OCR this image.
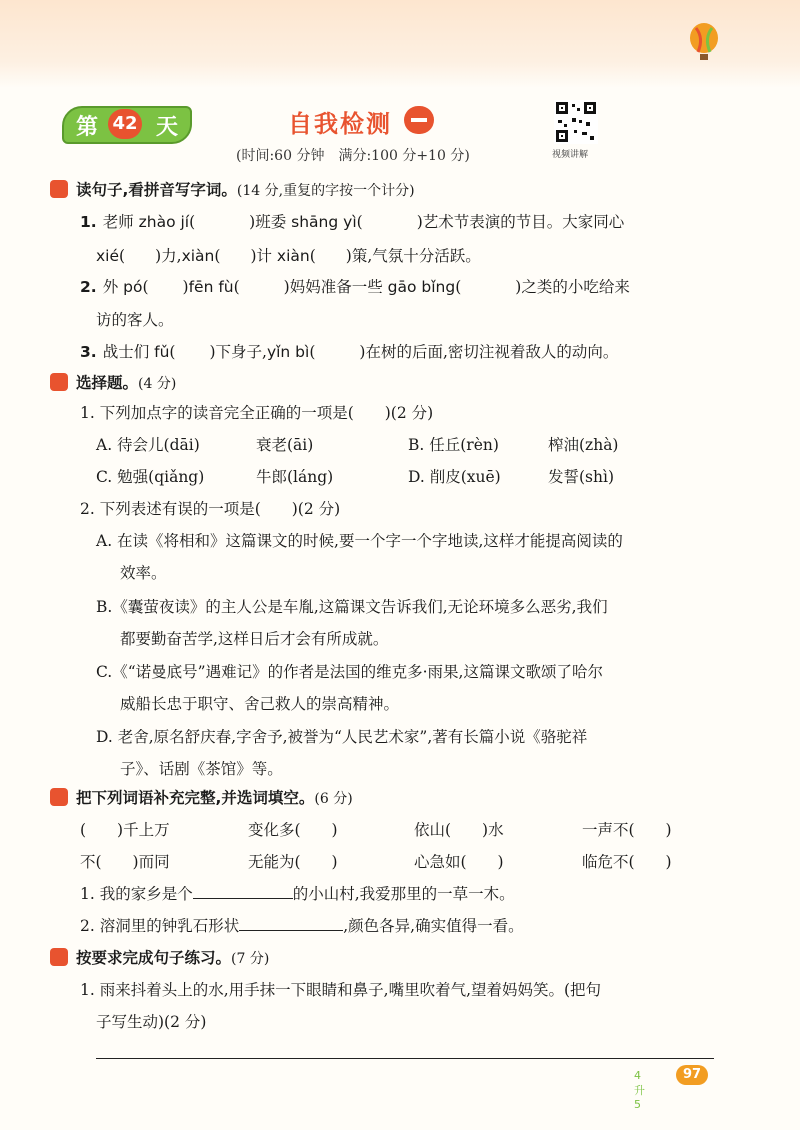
第 42 天	自我检测
(时间:60 分钟　满分:100 分+10 分)	视频讲解
读句子,看拼音写字词。(14 分,重复的字按一个计分)
1. 老师 zhào jí(	)班委 shāng yì(	)艺术节表演的节目。大家同心
xié( )力,xiàn( )计 xiàn( )策,气氛十分活跃。
2. 外 pó( )fēn fù(	)妈妈准备一些 gāo bǐng(	)之类的小吃给来
访的客人。
3. 战士们 fǔ( )下身子,yǐn bì(	)在树的后面,密切注视着敌人的动向。
选择题。(4 分)
1. 下列加点字的读音完全正确的一项是(　　)(2 分)
A. 待会儿(dāi)	衰老(āi)	B. 任丘(rèn)	榨油(zhà)
C. 勉强(qiǎng)	牛郎(láng)	D. 削皮(xuē)	发誓(shì)
2. 下列表述有误的一项是(　　)(2 分)
A. 在读《将相和》这篇课文的时候,要一个字一个字地读,这样才能提高阅读的
效率。
B.《囊萤夜读》的主人公是车胤,这篇课文告诉我们,无论环境多么恶劣,我们
都要勤奋苦学,这样日后才会有所成就。
C.《“诺曼底号”遇难记》的作者是法国的维克多·雨果,这篇课文歌颂了哈尔
威船长忠于职守、舍己救人的崇高精神。
D. 老舍,原名舒庆春,字舍予,被誉为“人民艺术家”,著有长篇小说《骆驼祥
子》、话剧《茶馆》等。
把下列词语补充完整,并选词填空。(6 分)
(　　)千上万	变化多(　　)	依山(　　)水	一声不(　　)
不(　　)而同	无能为(　　)	心急如(　　)	临危不(　　)
1. 我的家乡是个	的小山村,我爱那里的一草一木。
2. 溶洞里的钟乳石形状	,颜色各异,确实值得一看。
按要求完成句子练习。(7 分)
1. 雨来抖着头上的水,用手抹一下眼睛和鼻子,嘴里吹着气,望着妈妈笑。(把句
子写生动)(2 分)
4升5
97
